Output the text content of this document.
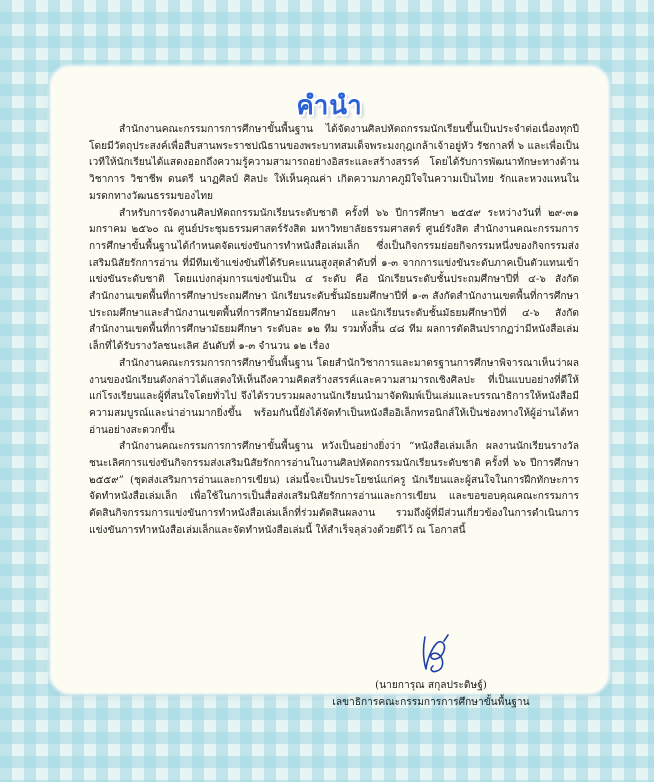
คำนำ

สำนักงานคณะกรรมการการศึกษาขั้นพื้นฐาน ได้จัดงานศิลปหัตถกรรมนักเรียนขึ้นเป็นประจำต่อเนื่องทุกปี โดยมีวัตถุประสงค์เพื่อสืบสานพระราชปณิธานของพระบาทสมเด็จพระมงกุฎเกล้าเจ้าอยู่หัว รัชกาลที่ ๖ และเพื่อเป็นเวทีให้นักเรียนได้แสดงออกถึงความรู้ความสามารถอย่างอิสระและสร้างสรรค์ โดยได้รับการพัฒนาทักษะทางด้านวิชาการ วิชาชีพ ดนตรี นาฏศิลป์ ศิลปะ ให้เห็นคุณค่า เกิดความภาคภูมิใจในความเป็นไทย รักและหวงแหนในมรดกทางวัฒนธรรมของไทย

สำหรับการจัดงานศิลปหัตถกรรมนักเรียนระดับชาติ ครั้งที่ ๖๖ ปีการศึกษา ๒๕๕๙ ระหว่างวันที่ ๒๙-๓๑ มกราคม ๒๕๖๐ ณ ศูนย์ประชุมธรรมศาสตร์รังสิต มหาวิทยาลัยธรรมศาสตร์ ศูนย์รังสิต สำนักงานคณะกรรมการการศึกษาขั้นพื้นฐานได้กำหนดจัดแข่งขันการทำหนังสือเล่มเล็ก ซึ่งเป็นกิจกรรมย่อยกิจกรรมหนึ่งของกิจกรรมส่งเสริมนิสัยรักการอ่าน ที่มีทีมเข้าแข่งขันที่ได้รับคะแนนสูงสุดลำดับที่ ๑-๓ จากการแข่งขันระดับภาคเป็นตัวแทนเข้าแข่งขันระดับชาติ โดยแบ่งกลุ่มการแข่งขันเป็น ๔ ระดับ คือ นักเรียนระดับชั้นประถมศึกษาปีที่ ๔-๖ สังกัดสำนักงานเขตพื้นที่การศึกษาประถมศึกษา นักเรียนระดับชั้นมัธยมศึกษาปีที่ ๑-๓ สังกัดสำนักงานเขตพื้นที่การศึกษาประถมศึกษาและสำนักงานเขตพื้นที่การศึกษามัธยมศึกษา และนักเรียนระดับชั้นมัธยมศึกษาปีที่ ๔-๖ สังกัดสำนักงานเขตพื้นที่การศึกษามัธยมศึกษา ระดับละ ๑๒ ทีม รวมทั้งสิ้น ๔๘ ทีม ผลการตัดสินปรากฏว่ามีหนังสือเล่มเล็กที่ได้รับรางวัลชนะเลิศ อันดับที่ ๑-๓ จำนวน ๑๒ เรื่อง

สำนักงานคณะกรรมการการศึกษาขั้นพื้นฐาน โดยสำนักวิชาการและมาตรฐานการศึกษาพิจารณาเห็นว่าผลงานของนักเรียนดังกล่าวได้แสดงให้เห็นถึงความคิดสร้างสรรค์และความสามารถเชิงศิลปะ ที่เป็นแบบอย่างที่ดีให้แก่โรงเรียนและผู้ที่สนใจโดยทั่วไป จึงได้รวบรวมผลงานนักเรียนนำมาจัดพิมพ์เป็นเล่มและบรรณาธิการให้หนังสือมีความสมบูรณ์และน่าอ่านมากยิ่งขึ้น พร้อมกันนี้ยังได้จัดทำเป็นหนังสืออิเล็กทรอนิกส์ให้เป็นช่องทางให้ผู้อ่านได้หาอ่านอย่างสะดวกขึ้น

สำนักงานคณะกรรมการการศึกษาขั้นพื้นฐาน หวังเป็นอย่างยิ่งว่า “หนังสือเล่มเล็ก ผลงานนักเรียนรางวัลชนะเลิศการแข่งขันกิจกรรมส่งเสริมนิสัยรักการอ่านในงานศิลปหัตถกรรมนักเรียนระดับชาติ ครั้งที่ ๖๖ ปีการศึกษา ๒๕๕๙” (ชุดส่งเสริมการอ่านและการเขียน) เล่มนี้จะเป็นประโยชน์แก่ครู นักเรียนและผู้สนใจในการฝึกทักษะการจัดทำหนังสือเล่มเล็ก เพื่อใช้ในการเป็นสื่อส่งเสริมนิสัยรักการอ่านและการเขียน และขอขอบคุณคณะกรรมการตัดสินกิจกรรมการแข่งขันการทำหนังสือเล่มเล็กที่ร่วมตัดสินผลงาน รวมถึงผู้ที่มีส่วนเกี่ยวข้องในการดำเนินการแข่งขันการทำหนังสือเล่มเล็กและจัดทำหนังสือเล่มนี้ ให้สำเร็จลุล่วงด้วยดีไว้ ณ โอกาสนี้

(นายการุณ สกุลประดิษฐ์)
เลขาธิการคณะกรรมการการศึกษาขั้นพื้นฐาน
